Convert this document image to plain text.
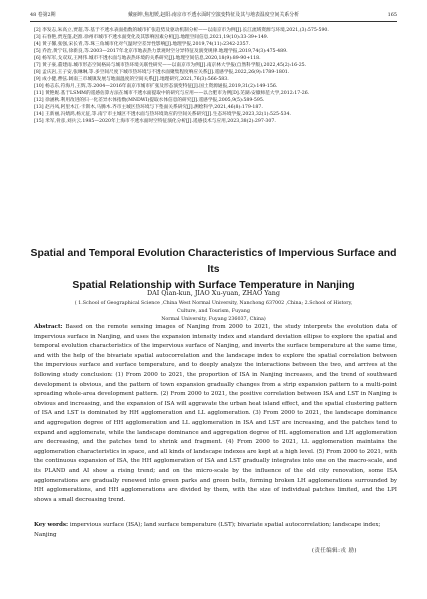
48 卷第2期	戴丽坤,焦旭媛,赵阳:南京市不透水面时空演变特征及其与地表温度空间关系分析	165
[2] 李发志,朱高立,贾超,等.基于不透水表面指数的城市扩张趋势及驱动机制分析——以南京市为例[J].长江流域资源与环境,2021,(3):575-590.
[3] 石春艳,贾连蓬,赵淮.徐州市城市不透水面变化及其影响因素分析[J].地理空间信息,2021,19(10):33-39+149.
[4] 黄子馨,张强,宋长青,等.珠三角城市化对气温时空差异性影响[J].地理学报,2019,74(11):2342-2357.
[5] 乔治,黄宁钰,徐新良,等.2003—2017年北京市地表热力景观时空分异特征及演变规律.地理学报,2019,74(3):475-489.
[6] 杨军军,戈双双,王网伟.城市不透水面与地表热环境的关系研究[J].地理空间信息,2020,18(9):89-90+118.
[7] 黄子豪,董建雨.城市形态空间格局与城市热环境关联性研究——以南京市为例[J].南京林大学报(自然科学版),2022,45(2):16-25.
[8] 孟庆岩,王子安,张琳琳,等.多空间尺度下城市热环境与不透水面聚集程度响应关系[J].遥感学报,2022,26(9):1789-1801.
[9] 成小健,曹弦.阔南三市城镇发展与地面温度的空间关系[J].地理研究,2021,76(3):566-583.
[10] 杨志东,符海月,王辉,等.2004—2016年南京市城市扩张及形态演变特征[J].国土资源通报,2019,31(2):149-156.
[11] 黄艳妮.基于LSMM的遥感估算方法在城市不透水面提取中的研究与应用——以合肥市为例[D].芜湖:安徽师范大学,2012:17-26.
[12] 徐涵秋.利用改进的归一化差异水体指数(MNDWI)提取水体信息的研究[J].遥感学报,2005,9(5):589-595.
[13] 赵丹凤,阿里木江·卡斯木,马腾木.齐市主城区热环境与下垫面关系研究[J].测绘科学,2021,46(8):179-187.
[14] 王新丽,冯婧鸿,杨元征,等.南宁市主城区不透水面与热环境效应的空间关系研究[J].生态环境学报,2023,32(1):525-534.
[15] 米军,骨彦,刘兵云.1985—2020年上海市不透水面时空特征演化分析[J].遥感技术与应用,2023,38(2):297-307.
Spatial and Temporal Evolution Characteristics of Impervious Surface and Its
Spatial Relationship with Surface Temperature in Nanjing
DAI Qian-kun, JIAO Xu-yuan, ZHAO Yang
( 1.School of Geographical Science ,China West Normal University, Nanchong 637002 ,China; 2.School of History, Culture, and Tourism, Fuyang
Normal University, Fuyang 236037, China)
Abstract: Based on the remote sensing images of Nanjing from 2000 to 2021, the study interprets the evolution data of impervious surface in Nanjing, and uses the expansion intensity index and standard deviation ellipse to explore the spatial and temporal evolution characteristics of the impervious surface of Nanjing, and inverts the surface temperature at the same time, and with the help of the bivariate spatial autocorrelation and the landscape index to explore the spatial correlation between the impervious surface and surface temperature, and to deeply analyze the interactions between the two, and arrives at the following study conclusion: (1) From 2000 to 2021, the proportion of ISA in Nanjing increases, and the trend of southward development is obvious, and the pattern of town expansion gradually changes from a strip expansion pattern to a multi-point spreading whole-area development pattern. (2) From 2000 to 2021, the positive correlation between ISA and LST in Nanjing is obvious and increasing, and the expansion of ISA will aggravate the urban heat island effect, and the spatial clustering pattern of ISA and LST is dominated by HH agglomeration and LL agglomeration. (3) From 2000 to 2021, the landscape dominance and aggregation degree of HH agglomeration and LL agglomeration in ISA and LST are increasing, and the patches tend to expand and agglomerate, while the landscape dominance and aggregation degree of HL agglomeration and LH agglomeration are decreasing, and the patches tend to shrink and fragment. (4) From 2000 to 2021, LL agglomeration maintains the agglomeration characteristics in space, and all kinds of landscape indexes are kept at a high level. (5) From 2000 to 2021, with the continuous expansion of ISA, the HH agglomeration of ISA and LST gradually integrates into one on the macro-scale, and its PLAND and AI show a rising trend; and on the micro-scale by the influence of the old city renovation, some ISA agglomerations are gradually renewed into green parks and green belts, forming broken LH agglomerations surrounded by HH agglomerations, and HH agglomerations are divided by them, with the size of individual patches limited, and the LPI shows a small decreasing trend.
Key words: impervious surface (ISA); land surface temperature (LST); bivariate spatial autocorrelation; landscape index; Nanjing
(责任编辑:戎 励)
